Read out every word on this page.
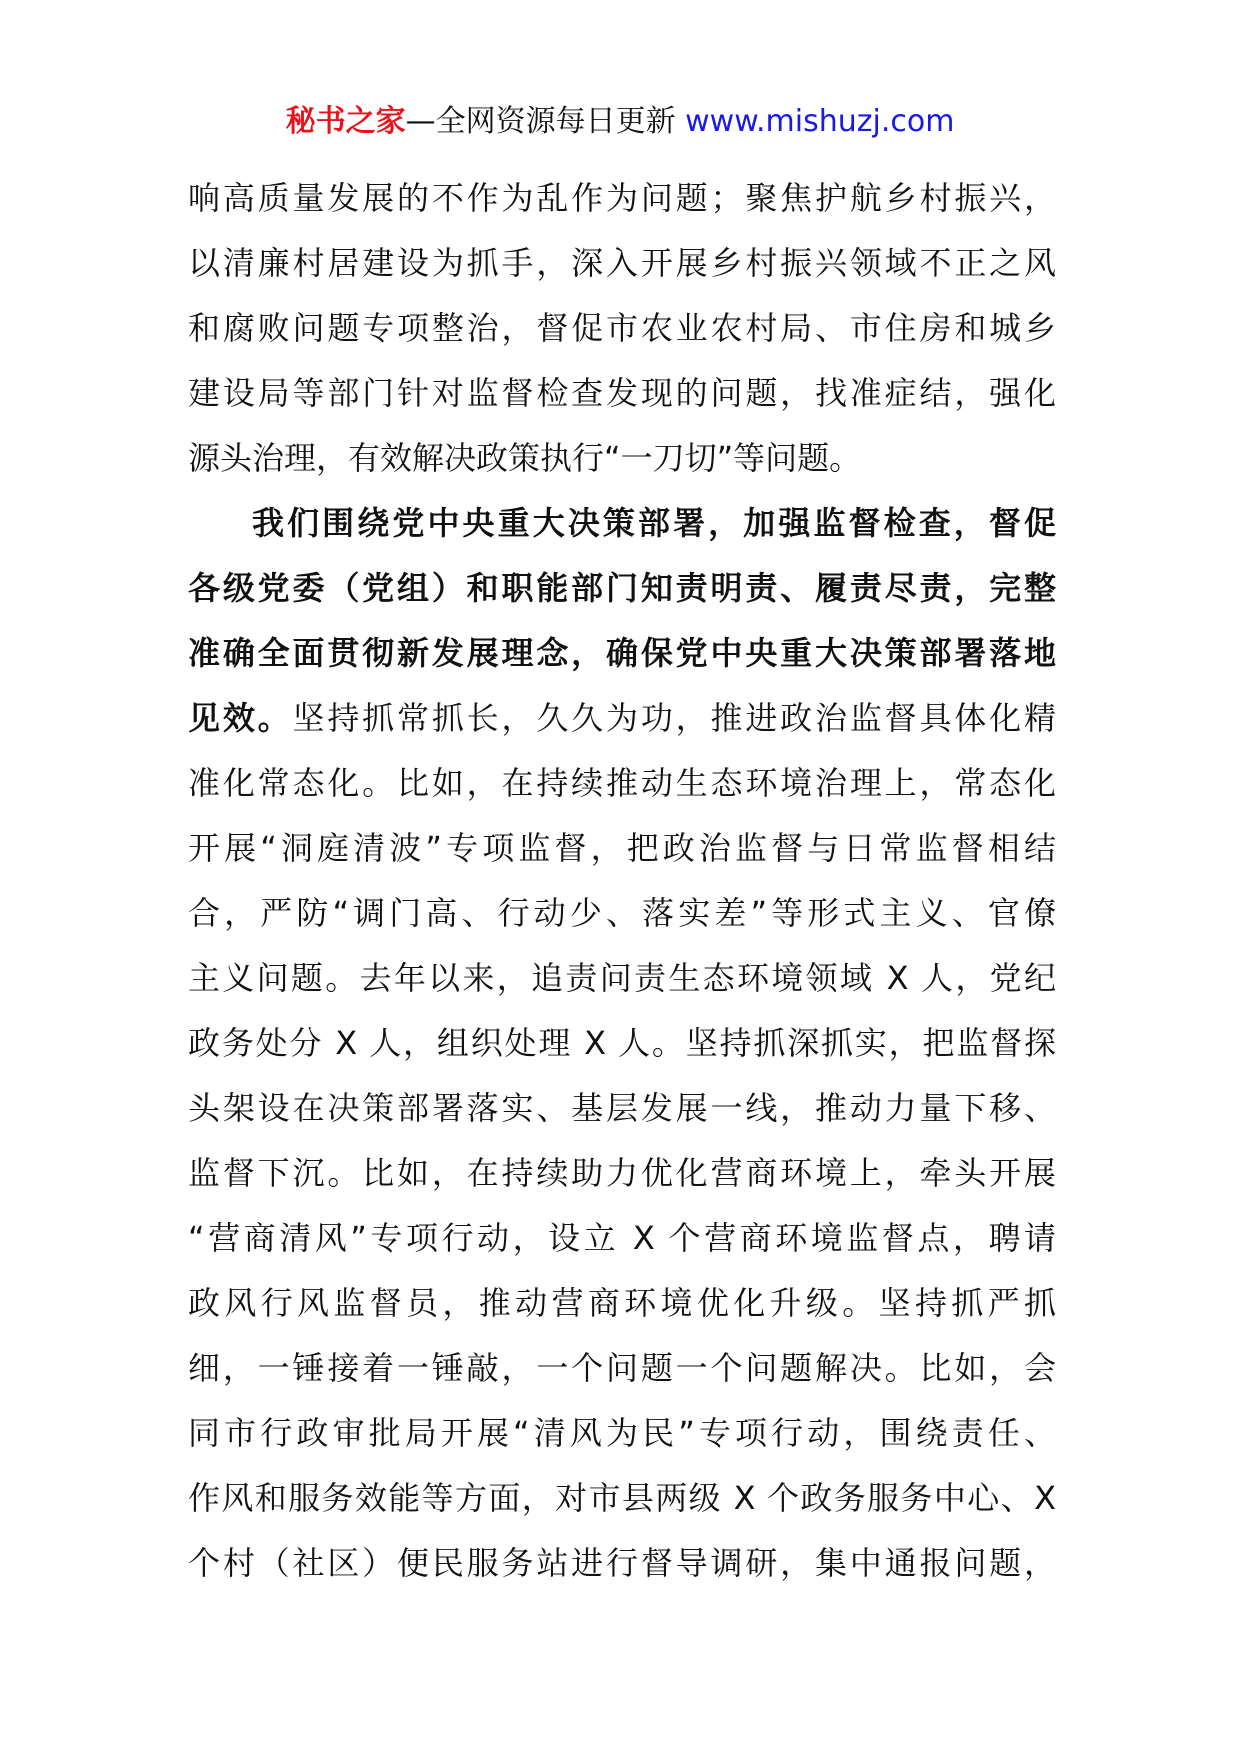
秘书之家—全网资源每日更新 www.mishuzj.com
响高质量发展的不作为乱作为问题；聚焦护航乡村振兴，
以清廉村居建设为抓手，深入开展乡村振兴领域不正之风
和腐败问题专项整治，督促市农业农村局、市住房和城乡
建设局等部门针对监督检查发现的问题，找准症结，强化
源头治理，有效解决政策执行“一刀切”等问题。
我们围绕党中央重大决策部署，加强监督检查，督促
各级党委（党组）和职能部门知责明责、履责尽责，完整
准确全面贯彻新发展理念，确保党中央重大决策部署落地
见效。坚持抓常抓长，久久为功，推进政治监督具体化精
准化常态化。比如，在持续推动生态环境治理上，常态化
开展“洞庭清波”专项监督，把政治监督与日常监督相结
合，严防“调门高、行动少、落实差”等形式主义、官僚
主义问题。去年以来，追责问责生态环境领域 X 人，党纪
政务处分 X 人，组织处理 X 人。坚持抓深抓实，把监督探
头架设在决策部署落实、基层发展一线，推动力量下移、
监督下沉。比如，在持续助力优化营商环境上，牵头开展
“营商清风”专项行动，设立 X 个营商环境监督点，聘请
政风行风监督员，推动营商环境优化升级。坚持抓严抓
细，一锤接着一锤敲，一个问题一个问题解决。比如，会
同市行政审批局开展“清风为民”专项行动，围绕责任、
作风和服务效能等方面，对市县两级 X 个政务服务中心、X
个村（社区）便民服务站进行督导调研，集中通报问题，
